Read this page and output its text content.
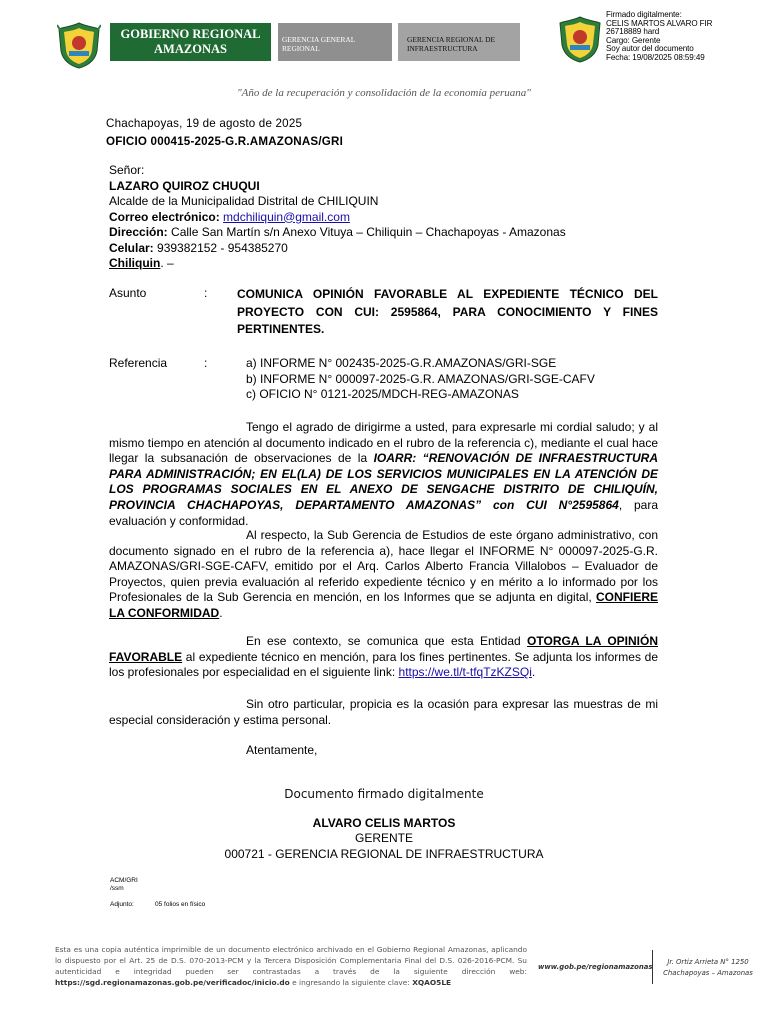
GOBIERNO REGIONAL
AMAZONAS
GERENCIA GENERAL
REGIONAL
GERENCIA REGIONAL DE
INFRAESTRUCTURA
Firmado digitalmente:
CELIS MARTOS ALVARO FIR
26718889 hard
Cargo: Gerente
Soy autor del documento
Fecha: 19/08/2025 08:59:49
"Año de la recuperación y consolidación de la economía peruana"
Chachapoyas, 19 de agosto de 2025
OFICIO 000415-2025-G.R.AMAZONAS/GRI
Señor:
LAZARO QUIROZ CHUQUI
Alcalde de la Municipalidad Distrital de CHILIQUIN
Correo electrónico: mdchiliquin@gmail.com
Dirección: Calle San Martín s/n Anexo Vituya – Chiliquin – Chachapoyas - Amazonas
Celular: 939382152 - 954385270
Chiliquin. –
Asunto	: COMUNICA OPINIÓN FAVORABLE AL EXPEDIENTE TÉCNICO DEL PROYECTO CON CUI: 2595864, PARA CONOCIMIENTO Y FINES PERTINENTES.
Referencia	:	a) INFORME N° 002435-2025-G.R.AMAZONAS/GRI-SGE
b) INFORME N° 000097-2025-G.R. AMAZONAS/GRI-SGE-CAFV
c) OFICIO N° 0121-2025/MDCH-REG-AMAZONAS
Tengo el agrado de dirigirme a usted, para expresarle mi cordial saludo; y al mismo tiempo en atención al documento indicado en el rubro de la referencia c), mediante el cual hace llegar la subsanación de observaciones de la IOARR: “RENOVACIÓN DE INFRAESTRUCTURA PARA ADMINISTRACIÓN; EN EL(LA) DE LOS SERVICIOS MUNICIPALES EN LA ATENCIÓN DE LOS PROGRAMAS SOCIALES EN EL ANEXO DE SENGACHE DISTRITO DE CHILIQUÍN, PROVINCIA CHACHAPOYAS, DEPARTAMENTO AMAZONAS” con CUI N°2595864, para evaluación y conformidad.
Al respecto, la Sub Gerencia de Estudios de este órgano administrativo, con documento signado en el rubro de la referencia a), hace llegar el INFORME N° 000097-2025-G.R. AMAZONAS/GRI-SGE-CAFV, emitido por el Arq. Carlos Alberto Francia Villalobos – Evaluador de Proyectos, quien previa evaluación al referido expediente técnico y en mérito a lo informado por los Profesionales de la Sub Gerencia en mención, en los Informes que se adjunta en digital, CONFIERE LA CONFORMIDAD.
En ese contexto, se comunica que esta Entidad OTORGA LA OPINIÓN FAVORABLE al expediente técnico en mención, para los fines pertinentes. Se adjunta los informes de los profesionales por especialidad en el siguiente link: https://we.tl/t-tfqTzKZSQi.
Sin otro particular, propicia es la ocasión para expresar las muestras de mi especial consideración y estima personal.
Atentamente,
Documento firmado digitalmente
ALVARO CELIS MARTOS
GERENTE
000721 - GERENCIA REGIONAL DE INFRAESTRUCTURA
ACM/GRI
/ssm
Adjunto:	05 folios en físico
Esta es una copia auténtica imprimible de un documento electrónico archivado en el Gobierno Regional Amazonas, aplicando lo dispuesto por el Art. 25 de D.S. 070-2013-PCM y la Tercera Disposición Complementaria Final del D.S. 026-2016-PCM. Su autenticidad e integridad pueden ser contrastadas a través de la siguiente dirección web: https://sgd.regionamazonas.gob.pe/verificadoc/inicio.do e ingresando la siguiente clave: XQAO5LE
www.gob.pe/regionamazonas
Jr. Ortiz Arrieta N° 1250
Chachapoyas – Amazonas
